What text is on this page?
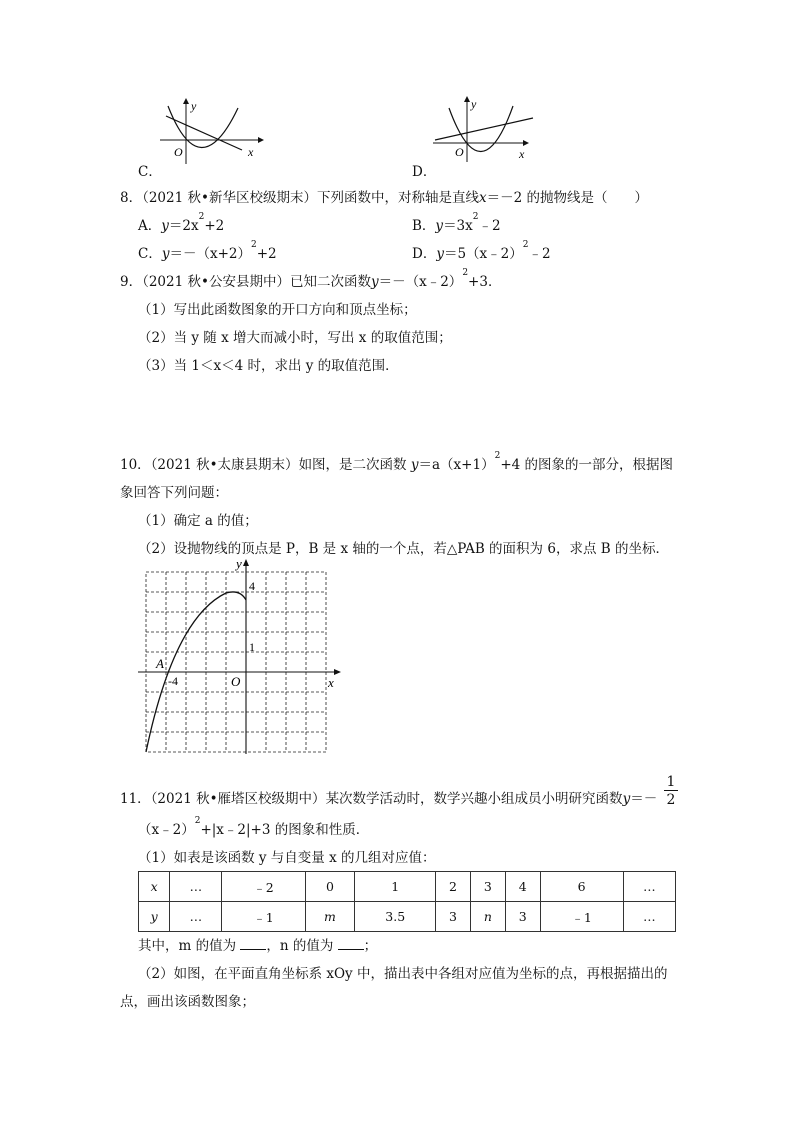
y
x
O
C．
y
x
O
D．
8．（2021 秋•新华区校级期末）下列函数中，对称轴是直线x＝－2 的抛物线是（　　）
A．$y=2x^2+2$	B．$y=3x^2﹣2$
C．$y=-(x+2)^2+2$	D．y＝5（x﹣2）$^2$﹣2
9．（2021 秋•公安县期中）已知二次函数y＝－（x﹣2）$^2$+3．
（1）写出此函数图象的开口方向和顶点坐标；
（2）当 y 随 x 增大而减小时，写出 x 的取值范围；
（3）当 1＜x＜4 时，求出 y 的取值范围．
10．（2021 秋•太康县期末）如图，是二次函数 $y=a(x+1)^2+4$ 的图象的一部分，根据图
象回答下列问题：
（1）确定 a 的值；
（2）设抛物线的顶点是 P，B 是 x 轴的一个点，若△PAB 的面积为 6，求点 B 的坐标．
y
x
O
A
4
1
-4
11．（2021 秋•雁塔区校级期中）某次数学活动时，数学兴趣小组成员小明研究函数$y=- \frac{1}{2}$
（x﹣2）$^2$+|x﹣2|+3 的图象和性质．
（1）如表是该函数 y 与自变量 x 的几组对应值：
x	…	﹣2	0	1	2	3	4	6	…
y	…	﹣1	m	3.5	3	n	3	﹣1	…
其中，m 的值为 ，n 的值为 ；
（2）如图，在平面直角坐标系 xOy 中，描出表中各组对应值为坐标的点，再根据描出的
点，画出该函数图象；
